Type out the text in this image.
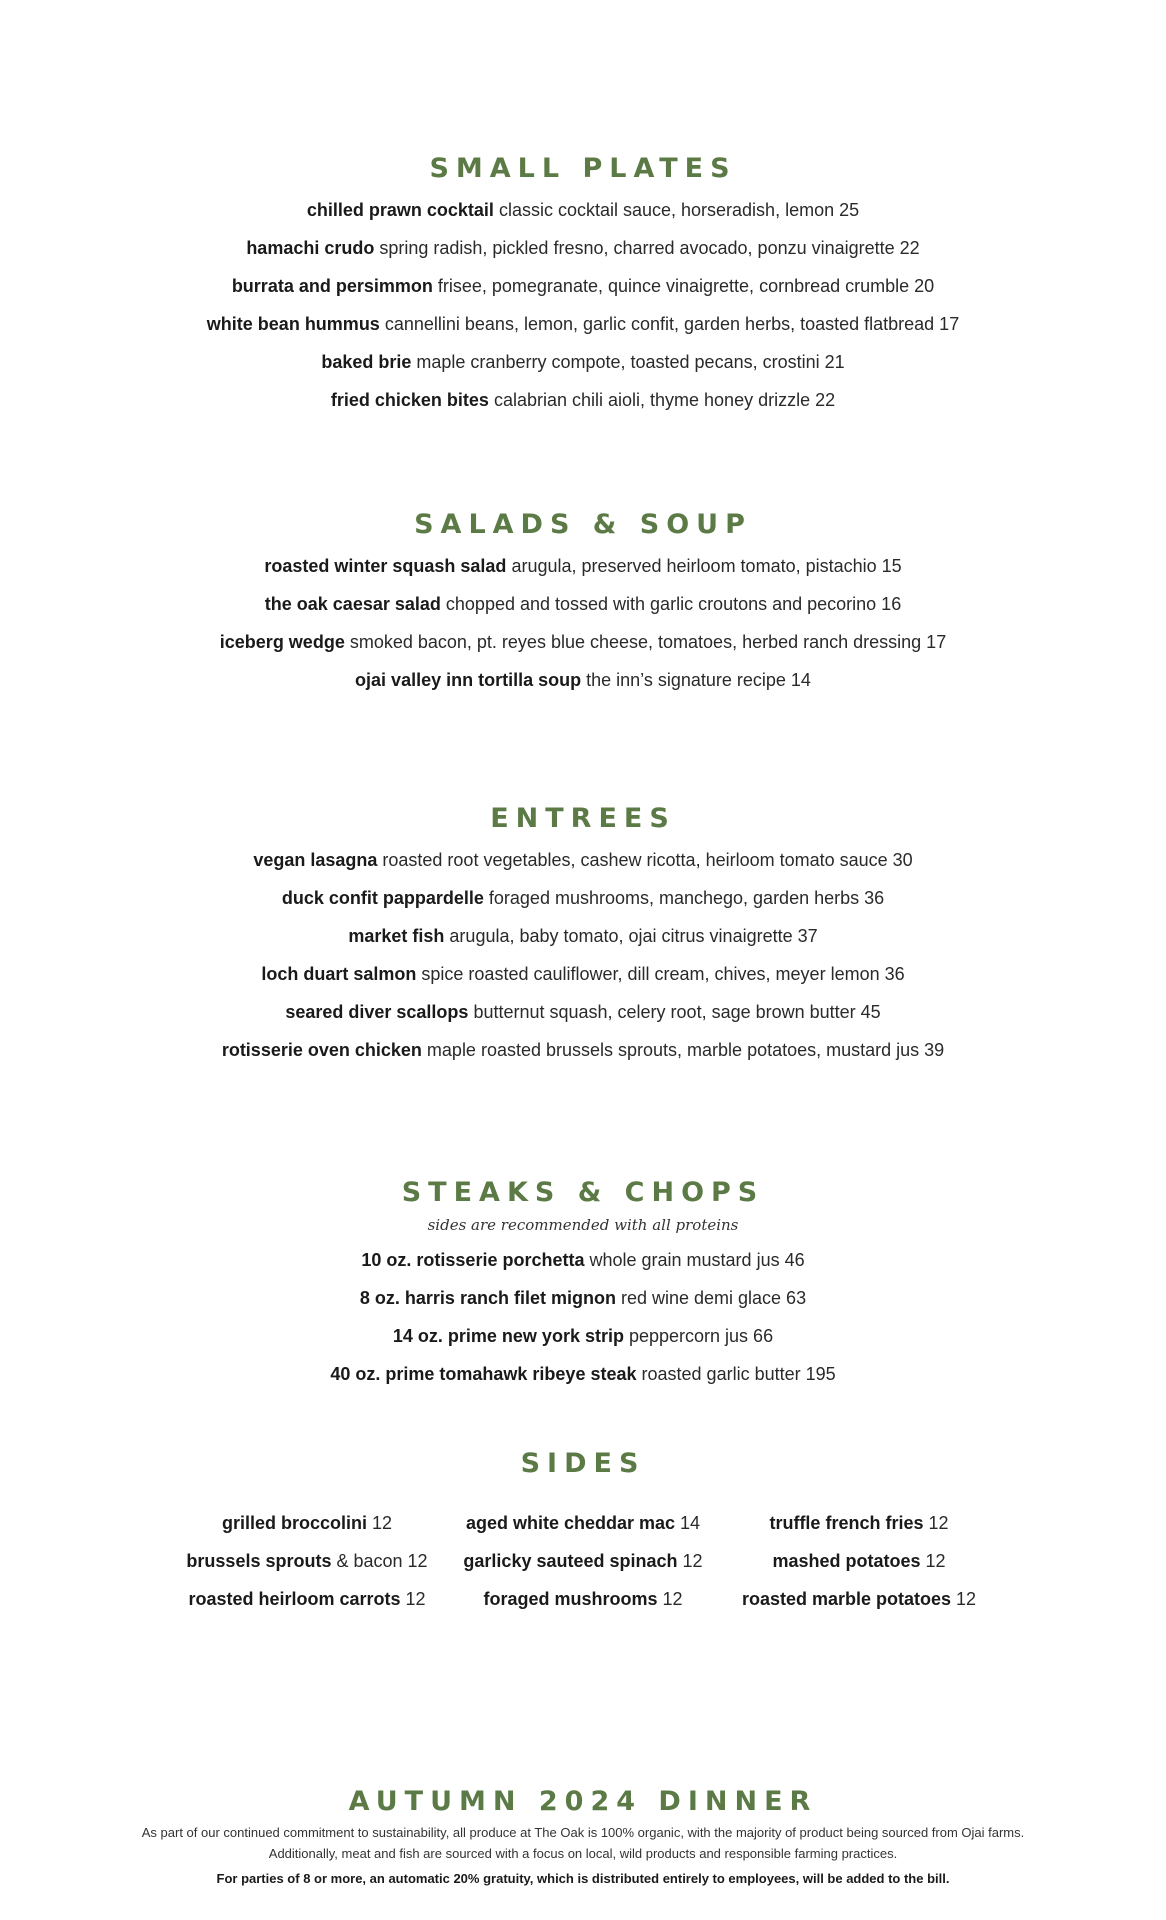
SMALL PLATES
chilled prawn cocktail classic cocktail sauce, horseradish, lemon 25
hamachi crudo spring radish, pickled fresno, charred avocado, ponzu vinaigrette 22
burrata and persimmon frisee, pomegranate, quince vinaigrette, cornbread crumble 20
white bean hummus cannellini beans, lemon, garlic confit, garden herbs, toasted flatbread 17
baked brie maple cranberry compote, toasted pecans, crostini 21
fried chicken bites calabrian chili aioli, thyme honey drizzle 22
SALADS & SOUP
roasted winter squash salad arugula, preserved heirloom tomato, pistachio 15
the oak caesar salad chopped and tossed with garlic croutons and pecorino 16
iceberg wedge smoked bacon, pt. reyes blue cheese, tomatoes, herbed ranch dressing 17
ojai valley inn tortilla soup the inn’s signature recipe 14
ENTREES
vegan lasagna roasted root vegetables, cashew ricotta, heirloom tomato sauce 30
duck confit pappardelle foraged mushrooms, manchego, garden herbs 36
market fish arugula, baby tomato, ojai citrus vinaigrette 37
loch duart salmon spice roasted cauliflower, dill cream, chives, meyer lemon 36
seared diver scallops butternut squash, celery root, sage brown butter 45
rotisserie oven chicken maple roasted brussels sprouts, marble potatoes, mustard jus 39
STEAKS & CHOPS
sides are recommended with all proteins
10 oz. rotisserie porchetta whole grain mustard jus 46
8 oz. harris ranch filet mignon red wine demi glace 63
14 oz. prime new york strip peppercorn jus 66
40 oz. prime tomahawk ribeye steak roasted garlic butter 195
SIDES
grilled broccolini 12
brussels sprouts & bacon 12
roasted heirloom carrots 12
aged white cheddar mac 14
garlicky sauteed spinach 12
foraged mushrooms 12
truffle french fries 12
mashed potatoes 12
roasted marble potatoes 12
AUTUMN 2024 DINNER
As part of our continued commitment to sustainability, all produce at The Oak is 100% organic, with the majority of product being sourced from Ojai farms.
Additionally, meat and fish are sourced with a focus on local, wild products and responsible farming practices.
For parties of 8 or more, an automatic 20% gratuity, which is distributed entirely to employees, will be added to the bill.
